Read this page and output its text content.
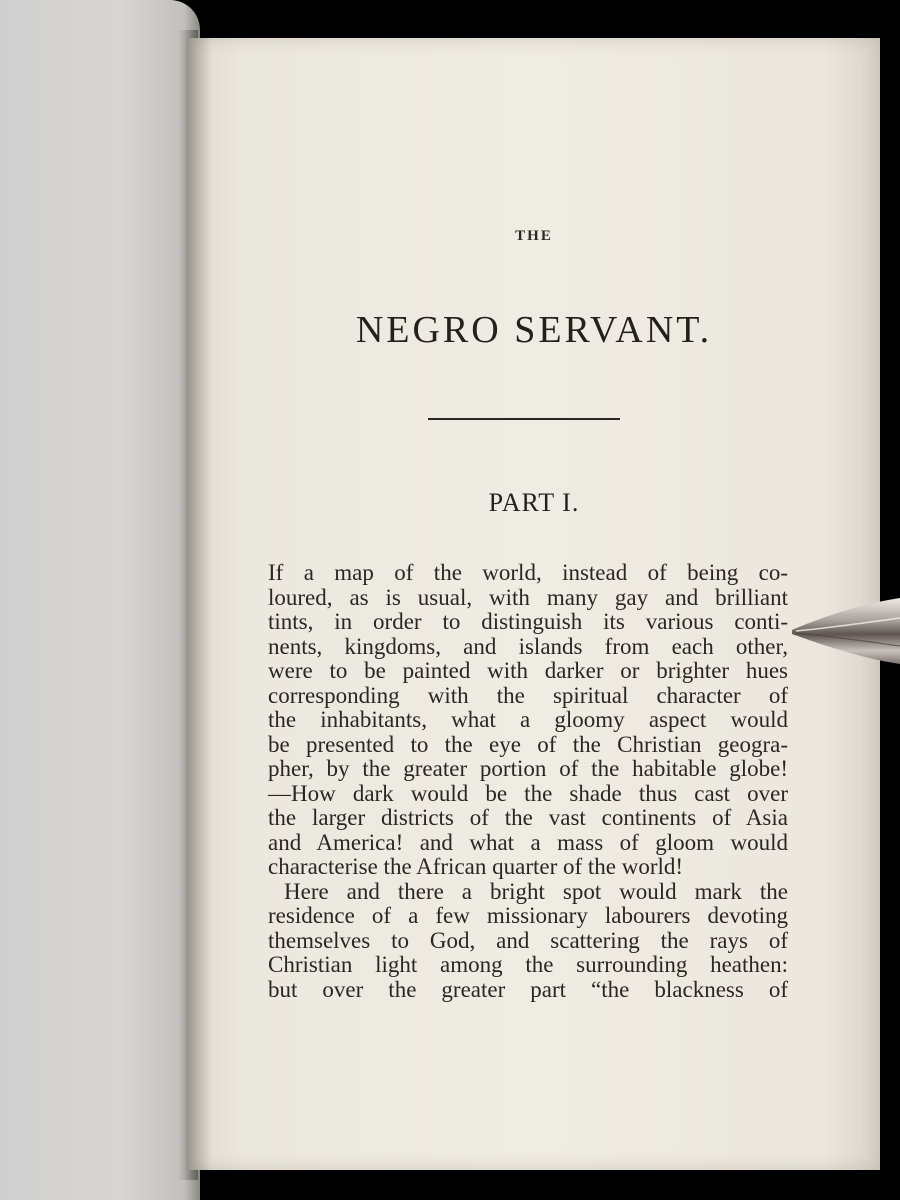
THE
NEGRO SERVANT.
PART I.
If a map of the world, instead of being co-
loured, as is usual, with many gay and brilliant
tints, in order to distinguish its various conti-
nents, kingdoms, and islands from each other,
were to be painted with darker or brighter hues
corresponding with the spiritual character of
the inhabitants, what a gloomy aspect would
be presented to the eye of the Christian geogra-
pher, by the greater portion of the habitable globe!
—How dark would be the shade thus cast over
the larger districts of the vast continents of Asia
and America! and what a mass of gloom would
characterise the African quarter of the world!
Here and there a bright spot would mark the
residence of a few missionary labourers devoting
themselves to God, and scattering the rays of
Christian light among the surrounding heathen:
but over the greater part “the blackness of
